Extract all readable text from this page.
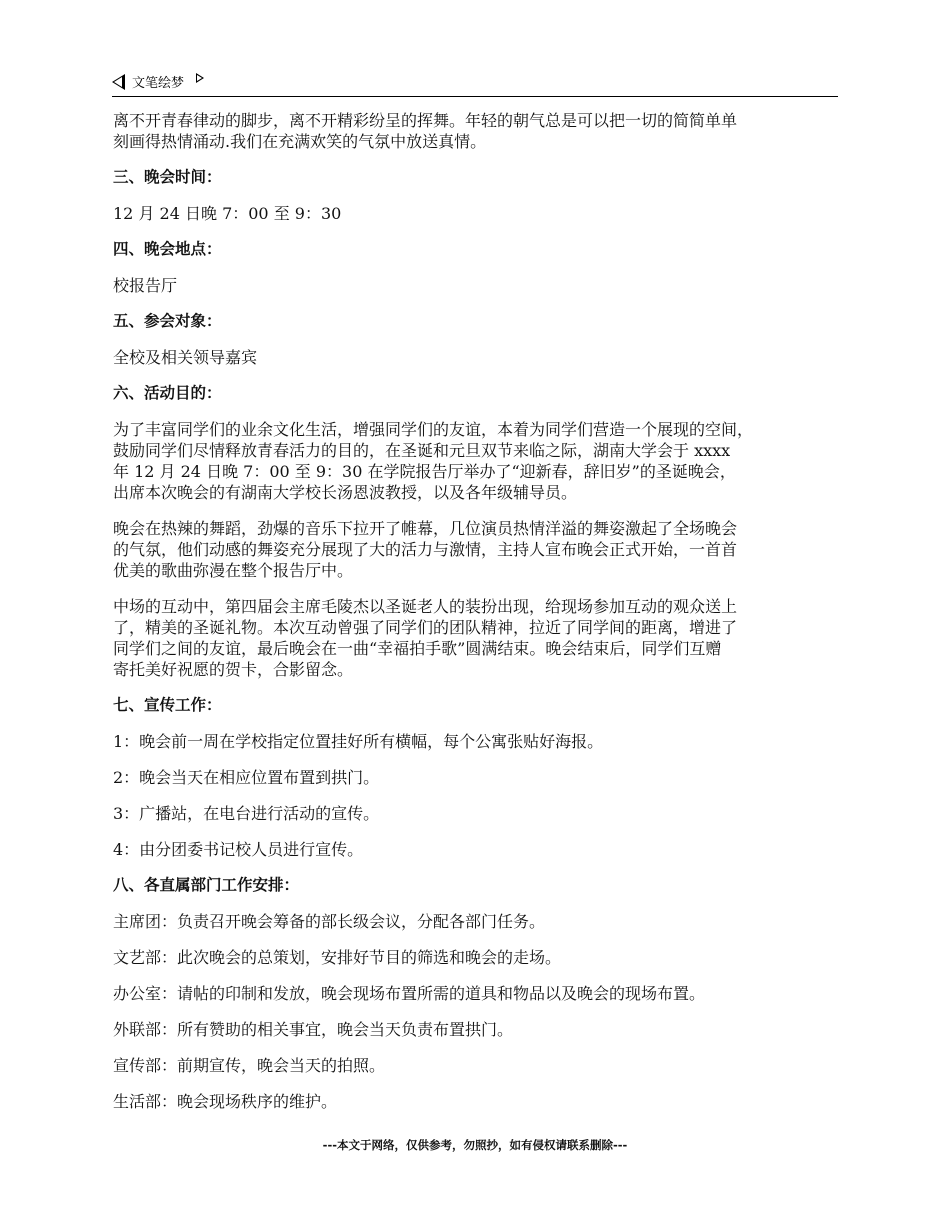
文笔绘梦
离不开青春律动的脚步，离不开精彩纷呈的挥舞。年轻的朝气总是可以把一切的简简单单
刻画得热情涌动.我们在充满欢笑的气氛中放送真情。
三、晚会时间：
12 月 24 日晚 7：00 至 9：30
四、晚会地点：
校报告厅
五、参会对象：
全校及相关领导嘉宾
六、活动目的：
为了丰富同学们的业余文化生活，增强同学们的友谊，本着为同学们营造一个展现的空间，
鼓励同学们尽情释放青春活力的目的，在圣诞和元旦双节来临之际，湖南大学会于 xxxx
年 12 月 24 日晚 7：00 至 9：30 在学院报告厅举办了“迎新春，辞旧岁”的圣诞晚会，
出席本次晚会的有湖南大学校长汤恩波教授，以及各年级辅导员。
晚会在热辣的舞蹈，劲爆的音乐下拉开了帷幕，几位演员热情洋溢的舞姿激起了全场晚会
的气氛，他们动感的舞姿充分展现了大的活力与激情，主持人宣布晚会正式开始，一首首
优美的歌曲弥漫在整个报告厅中。
中场的互动中，第四届会主席毛陵杰以圣诞老人的装扮出现，给现场参加互动的观众送上
了，精美的圣诞礼物。本次互动曾强了同学们的团队精神，拉近了同学间的距离，增进了
同学们之间的友谊，最后晚会在一曲“幸福拍手歌”圆满结束。晚会结束后，同学们互赠
寄托美好祝愿的贺卡，合影留念。
七、宣传工作：
1：晚会前一周在学校指定位置挂好所有横幅，每个公寓张贴好海报。
2：晚会当天在相应位置布置到拱门。
3：广播站，在电台进行活动的宣传。
4：由分团委书记校人员进行宣传。
八、各直属部门工作安排：
主席团：负责召开晚会筹备的部长级会议，分配各部门任务。
文艺部：此次晚会的总策划，安排好节目的筛选和晚会的走场。
办公室：请帖的印制和发放，晚会现场布置所需的道具和物品以及晚会的现场布置。
外联部：所有赞助的相关事宜，晚会当天负责布置拱门。
宣传部：前期宣传，晚会当天的拍照。
生活部：晚会现场秩序的维护。
---本文于网络，仅供参考，勿照抄，如有侵权请联系删除---
